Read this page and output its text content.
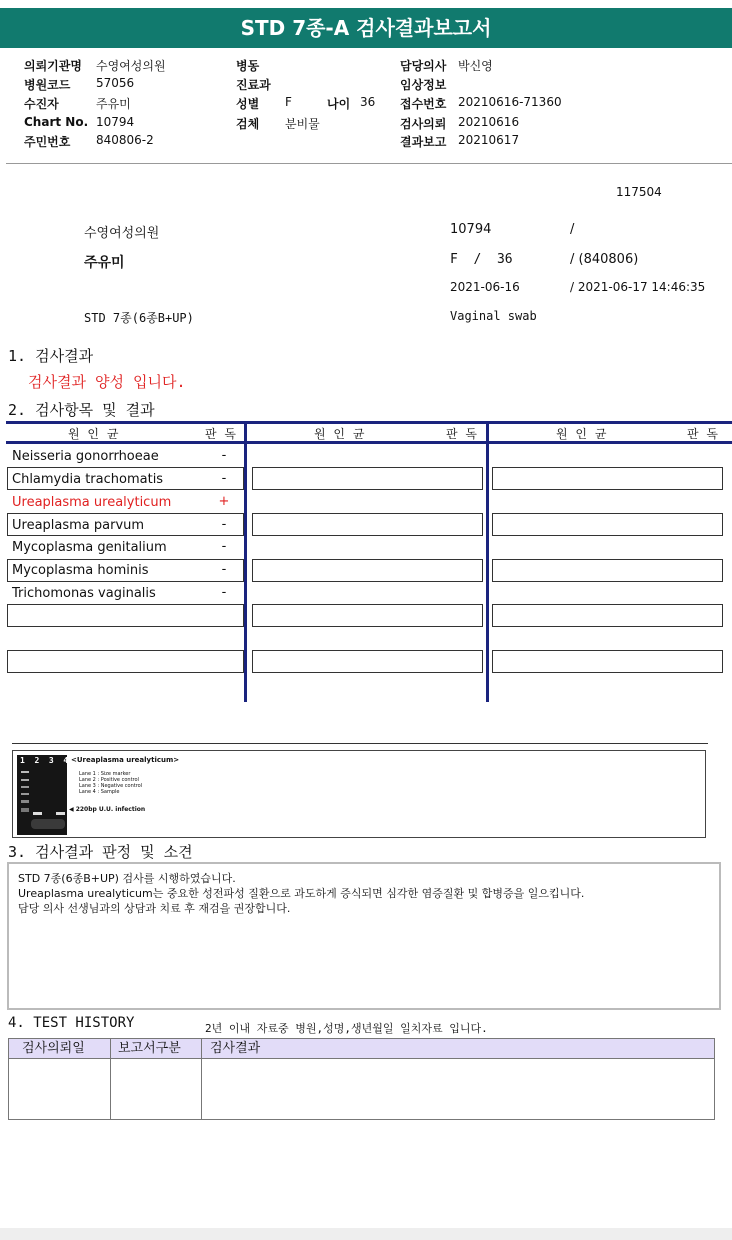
STD 7종-A 검사결과보고서
의뢰기관명 수영여성의원
병원코드 57056
수진자	주유미
Chart No. 10794
주민번호 840806-2
병동
진료과
성별 F	나이 36
검체 분비물
담당의사 박신영
임상정보
접수번호 20210616-71360
검사의뢰 20210616
결과보고 20210617
117504
수영여성의원	10794	/
주유미	F  /  36	/ (840806)
2021-06-16	/ 2021-06-17 14:46:35
STD 7종(6종B+UP)	Vaginal swab
1. 검사결과
검사결과 양성 입니다.
2. 검사항목 및 결과
원 인 균	판 독	원 인 균	판 독	원 인 균	판 독
Neisseria gonorrhoeae	-
Chlamydia trachomatis	-
Ureaplasma urealyticum	+
Ureaplasma parvum	-
Mycoplasma genitalium	-
Mycoplasma hominis	-
Trichomonas vaginalis	-
1  2  3  4 <Ureaplasma urealyticum>
Lane 1 : Size marker
Lane 2 : Positive control
Lane 3 : Negative control
Lane 4 : Sample
◀ 220bp U.U. infection
3. 검사결과 판정 및 소견
STD 7종(6종B+UP) 검사를 시행하였습니다.
Ureaplasma urealyticum는 중요한 성전파성 질환으로 과도하게 증식되면 심각한 염증질환 및 합병증을 일으킵니다.
담당 의사 선생님과의 상담과 치료 후 재검을 권장합니다.
4. TEST HISTORY	2년 이내 자료중 병원,성명,생년월일 일치자료 입니다.
검사의뢰일	보고서구분 검사결과
